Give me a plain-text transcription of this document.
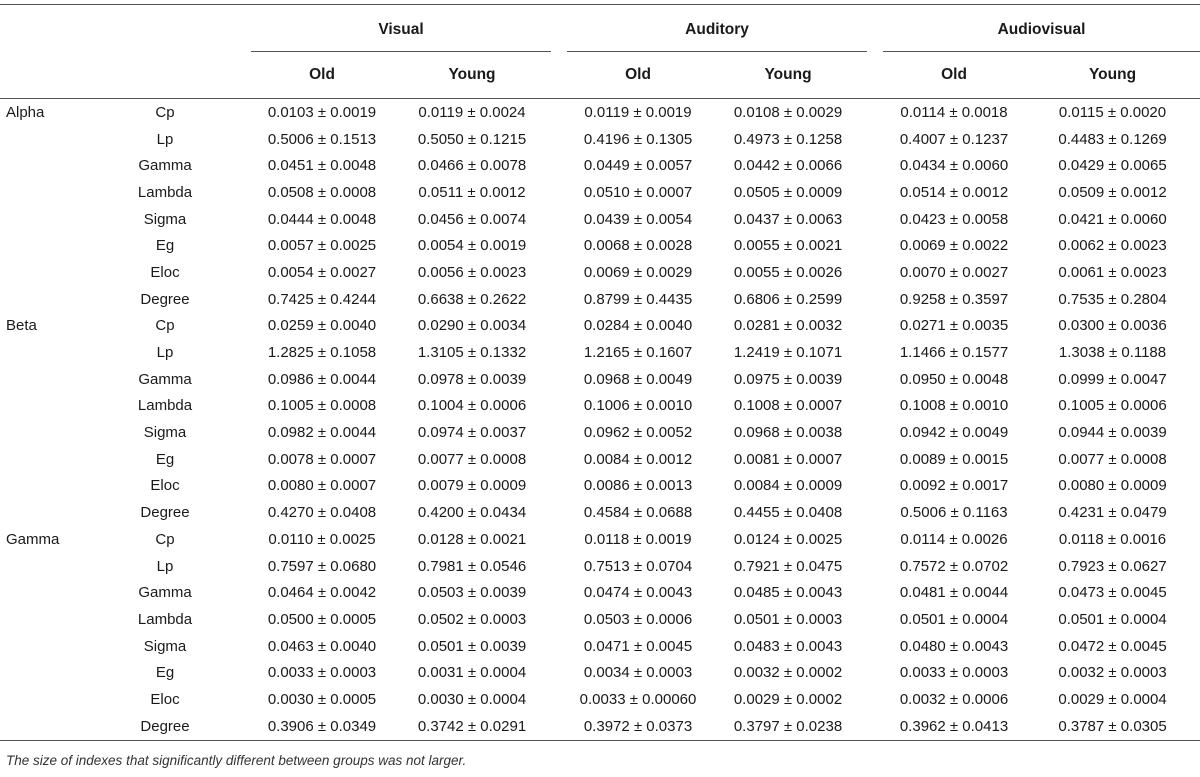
			Visual			Auditory			Audiovisual	
			Old	Young		Old	Young		Old	Young
Alpha	Cp		0.0103 ± 0.0019	0.0119 ± 0.0024		0.0119 ± 0.0019	0.0108 ± 0.0029		0.0114 ± 0.0018	0.0115 ± 0.0020
	Lp		0.5006 ± 0.1513	0.5050 ± 0.1215		0.4196 ± 0.1305	0.4973 ± 0.1258		0.4007 ± 0.1237	0.4483 ± 0.1269
	Gamma		0.0451 ± 0.0048	0.0466 ± 0.0078		0.0449 ± 0.0057	0.0442 ± 0.0066		0.0434 ± 0.0060	0.0429 ± 0.0065
	Lambda		0.0508 ± 0.0008	0.0511 ± 0.0012		0.0510 ± 0.0007	0.0505 ± 0.0009		0.0514 ± 0.0012	0.0509 ± 0.0012
	Sigma		0.0444 ± 0.0048	0.0456 ± 0.0074		0.0439 ± 0.0054	0.0437 ± 0.0063		0.0423 ± 0.0058	0.0421 ± 0.0060
	Eg		0.0057 ± 0.0025	0.0054 ± 0.0019		0.0068 ± 0.0028	0.0055 ± 0.0021		0.0069 ± 0.0022	0.0062 ± 0.0023
	Eloc		0.0054 ± 0.0027	0.0056 ± 0.0023		0.0069 ± 0.0029	0.0055 ± 0.0026		0.0070 ± 0.0027	0.0061 ± 0.0023
	Degree		0.7425 ± 0.4244	0.6638 ± 0.2622		0.8799 ± 0.4435	0.6806 ± 0.2599		0.9258 ± 0.3597	0.7535 ± 0.2804
Beta	Cp		0.0259 ± 0.0040	0.0290 ± 0.0034		0.0284 ± 0.0040	0.0281 ± 0.0032		0.0271 ± 0.0035	0.0300 ± 0.0036
	Lp		1.2825 ± 0.1058	1.3105 ± 0.1332		1.2165 ± 0.1607	1.2419 ± 0.1071		1.1466 ± 0.1577	1.3038 ± 0.1188
	Gamma		0.0986 ± 0.0044	0.0978 ± 0.0039		0.0968 ± 0.0049	0.0975 ± 0.0039		0.0950 ± 0.0048	0.0999 ± 0.0047
	Lambda		0.1005 ± 0.0008	0.1004 ± 0.0006		0.1006 ± 0.0010	0.1008 ± 0.0007		0.1008 ± 0.0010	0.1005 ± 0.0006
	Sigma		0.0982 ± 0.0044	0.0974 ± 0.0037		0.0962 ± 0.0052	0.0968 ± 0.0038		0.0942 ± 0.0049	0.0944 ± 0.0039
	Eg		0.0078 ± 0.0007	0.0077 ± 0.0008		0.0084 ± 0.0012	0.0081 ± 0.0007		0.0089 ± 0.0015	0.0077 ± 0.0008
	Eloc		0.0080 ± 0.0007	0.0079 ± 0.0009		0.0086 ± 0.0013	0.0084 ± 0.0009		0.0092 ± 0.0017	0.0080 ± 0.0009
	Degree		0.4270 ± 0.0408	0.4200 ± 0.0434		0.4584 ± 0.0688	0.4455 ± 0.0408		0.5006 ± 0.1163	0.4231 ± 0.0479
Gamma	Cp		0.0110 ± 0.0025	0.0128 ± 0.0021		0.0118 ± 0.0019	0.0124 ± 0.0025		0.0114 ± 0.0026	0.0118 ± 0.0016
	Lp		0.7597 ± 0.0680	0.7981 ± 0.0546		0.7513 ± 0.0704	0.7921 ± 0.0475		0.7572 ± 0.0702	0.7923 ± 0.0627
	Gamma		0.0464 ± 0.0042	0.0503 ± 0.0039		0.0474 ± 0.0043	0.0485 ± 0.0043		0.0481 ± 0.0044	0.0473 ± 0.0045
	Lambda		0.0500 ± 0.0005	0.0502 ± 0.0003		0.0503 ± 0.0006	0.0501 ± 0.0003		0.0501 ± 0.0004	0.0501 ± 0.0004
	Sigma		0.0463 ± 0.0040	0.0501 ± 0.0039		0.0471 ± 0.0045	0.0483 ± 0.0043		0.0480 ± 0.0043	0.0472 ± 0.0045
	Eg		0.0033 ± 0.0003	0.0031 ± 0.0004		0.0034 ± 0.0003	0.0032 ± 0.0002		0.0033 ± 0.0003	0.0032 ± 0.0003
	Eloc		0.0030 ± 0.0005	0.0030 ± 0.0004		0.0033 ± 0.00060	0.0029 ± 0.0002		0.0032 ± 0.0006	0.0029 ± 0.0004
	Degree		0.3906 ± 0.0349	0.3742 ± 0.0291		0.3972 ± 0.0373	0.3797 ± 0.0238		0.3962 ± 0.0413	0.3787 ± 0.0305
The size of indexes that significantly different between groups was not larger.
